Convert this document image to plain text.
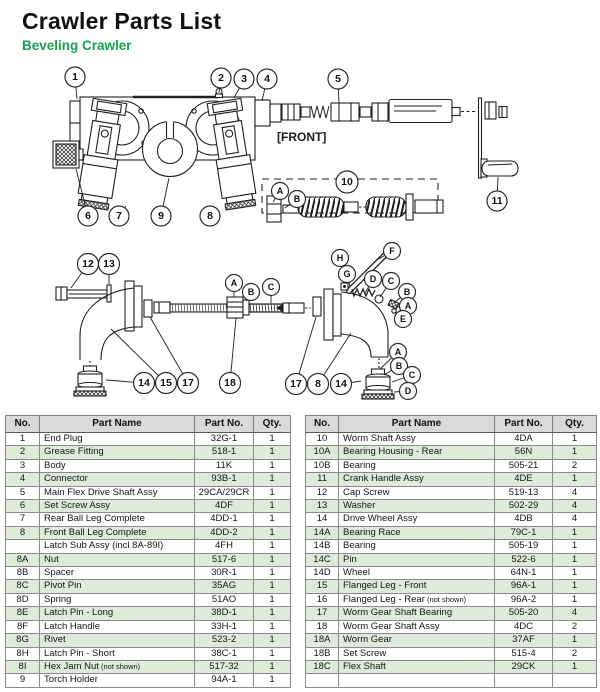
Crawler Parts List
Beveling Crawler
[FRONT]
1	2 3 4	5
6 7	9	8
10
11
A
B
12 13
A
B C
14 15 17	18	17 8 14
H
G
F
D C
B
A
E
A
B
C
D
No.	Part Name	Part No.	Qty.
1	End Plug	32G-1	1
2	Grease Fitting	518-1	1
3	Body	11K	1
4	Connector	93B-1	1
5	Main Flex Drive Shaft Assy	29CA/29CR	1
6	Set Screw Assy	4DF	1
7	Rear Ball Leg Complete	4DD-1	1
8	Front Ball Leg Complete	4DD-2	1
	Latch Sub Assy (incl 8A-89I)	4FH	1
8A	Nut	517-6	1
8B	Spacer	30R-1	1
8C	Pivot Pin	35AG	1
8D	Spring	51AO	1
8E	Latch Pin - Long	38D-1	1
8F	Latch Handle	33H-1	1
8G	Rivet	523-2	1
8H	Latch Pin - Short	38C-1	1
8I	Hex Jam Nut (not shown)	517-32	1
9	Torch Holder	94A-1	1
No.	Part Name	Part No.	Qty.
10	Worm Shaft Assy	4DA	1
10A	Bearing Housing - Rear	56N	1
10B	Bearing	505-21	2
11	Crank Handle Assy	4DE	1
12	Cap Screw	519-13	4
13	Washer	502-29	4
14	Drive Wheel Assy	4DB	4
14A	Bearing Race	79C-1	1
14B	Bearing	505-19	1
14C	Pin	522-6	1
14D	Wheel	64N-1	1
15	Flanged Leg - Front	96A-1	1
16	Flanged Leg - Rear (not shown)	96A-2	1
17	Worm Gear Shaft Bearing	505-20	4
18	Worm Gear Shaft Assy	4DC	2
18A	Worm Gear	37AF	1
18B	Set Screw	515-4	2
18C	Flex Shaft	29CK	1
